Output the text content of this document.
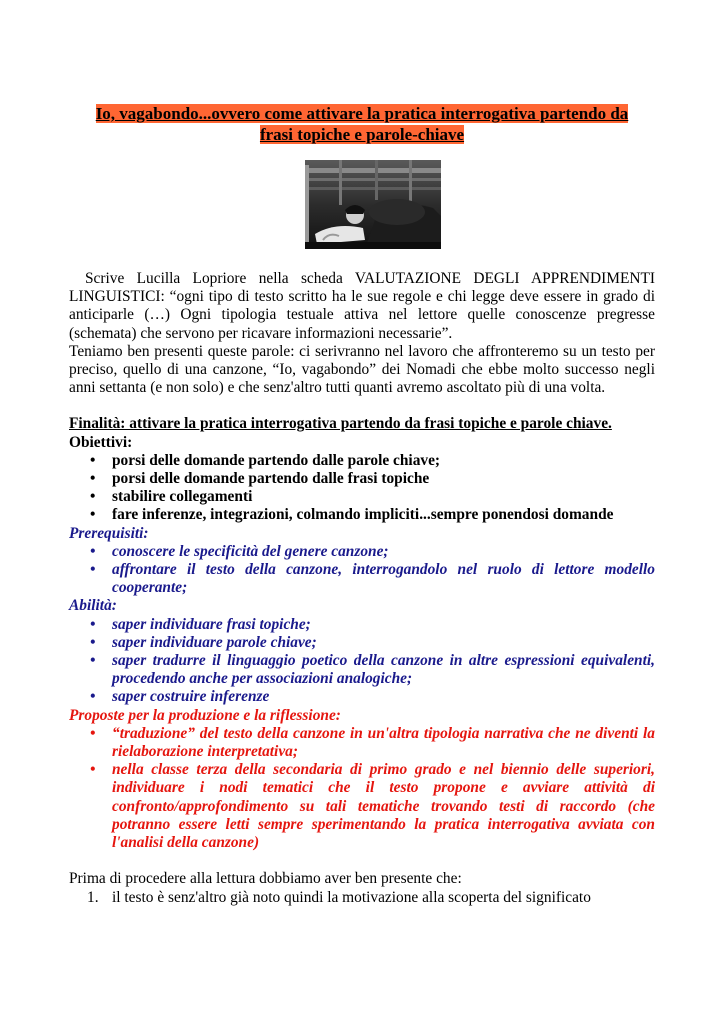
Io, vagabondo...ovvero come attivare la pratica interrogativa partendo da
frasi topiche e parole-chiave

Scrive Lucilla Lopriore nella scheda VALUTAZIONE DEGLI APPRENDIMENTI LINGUISTICI: “ogni tipo di testo scritto ha le sue regole e chi legge deve essere in grado di anticiparle (…) Ogni tipologia testuale attiva nel lettore quelle conoscenze pregresse (schemata) che servono per ricavare informazioni necessarie”.

Teniamo ben presenti queste parole: ci serivranno nel lavoro che affronteremo su un testo per preciso, quello di una canzone, “Io, vagabondo” dei Nomadi che ebbe molto successo negli anni settanta (e non solo) e che senz'altro tutti quanti avremo ascoltato più di una volta.

Finalità: attivare la pratica interrogativa partendo da frasi topiche e parole chiave.

Obiettivi:

• porsi delle domande partendo dalle parole chiave;
• porsi delle domande partendo dalle frasi topiche
• stabilire collegamenti
• fare inferenze, integrazioni, colmando impliciti...sempre ponendosi domande

Prerequisiti:

• conoscere le specificità del genere canzone;
• affrontare il testo della canzone, interrogandolo nel ruolo di lettore modello cooperante;

Abilità:

• saper individuare frasi topiche;
• saper individuare parole chiave;
• saper tradurre il linguaggio poetico della canzone in altre espressioni equivalenti, procedendo anche per associazioni analogiche;
• saper costruire inferenze

Proposte per la produzione e la riflessione:

• “traduzione” del testo della canzone in un'altra tipologia narrativa che ne diventi la rielaborazione interpretativa;
• nella classe terza della secondaria di primo grado e nel biennio delle superiori, individuare i nodi tematici che il testo propone e avviare attività di confronto/approfondimento su tali tematiche trovando testi di raccordo (che potranno essere letti sempre sperimentando la pratica interrogativa avviata con l'analisi della canzone)

Prima di procedere alla lettura dobbiamo aver ben presente che:

1. il testo è senz'altro già noto quindi la motivazione alla scoperta del significato
